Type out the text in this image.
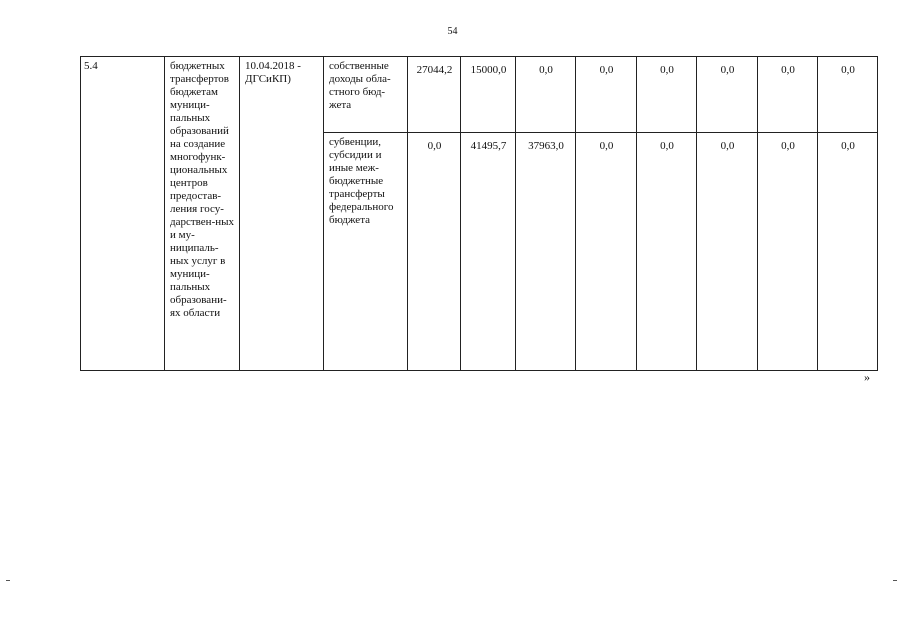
54
5.4	бюджетных трансфертов бюджетам муници-пальных образований на создание многофунк-циональных центров предостав-ления госу-дарствен-ных и му-ниципаль-ных услуг в муници-пальных образовани-ях области	10.04.2018 - ДГСиКП)	собственные доходы обла-стного бюд-жета	27044,2	15000,0	0,0	0,0	0,0	0,0	0,0	0,0
			субвенции, субсидии и иные меж-бюджетные трансферты федерального бюджета	0,0	41495,7	37963,0	0,0	0,0	0,0	0,0	0,0
»
